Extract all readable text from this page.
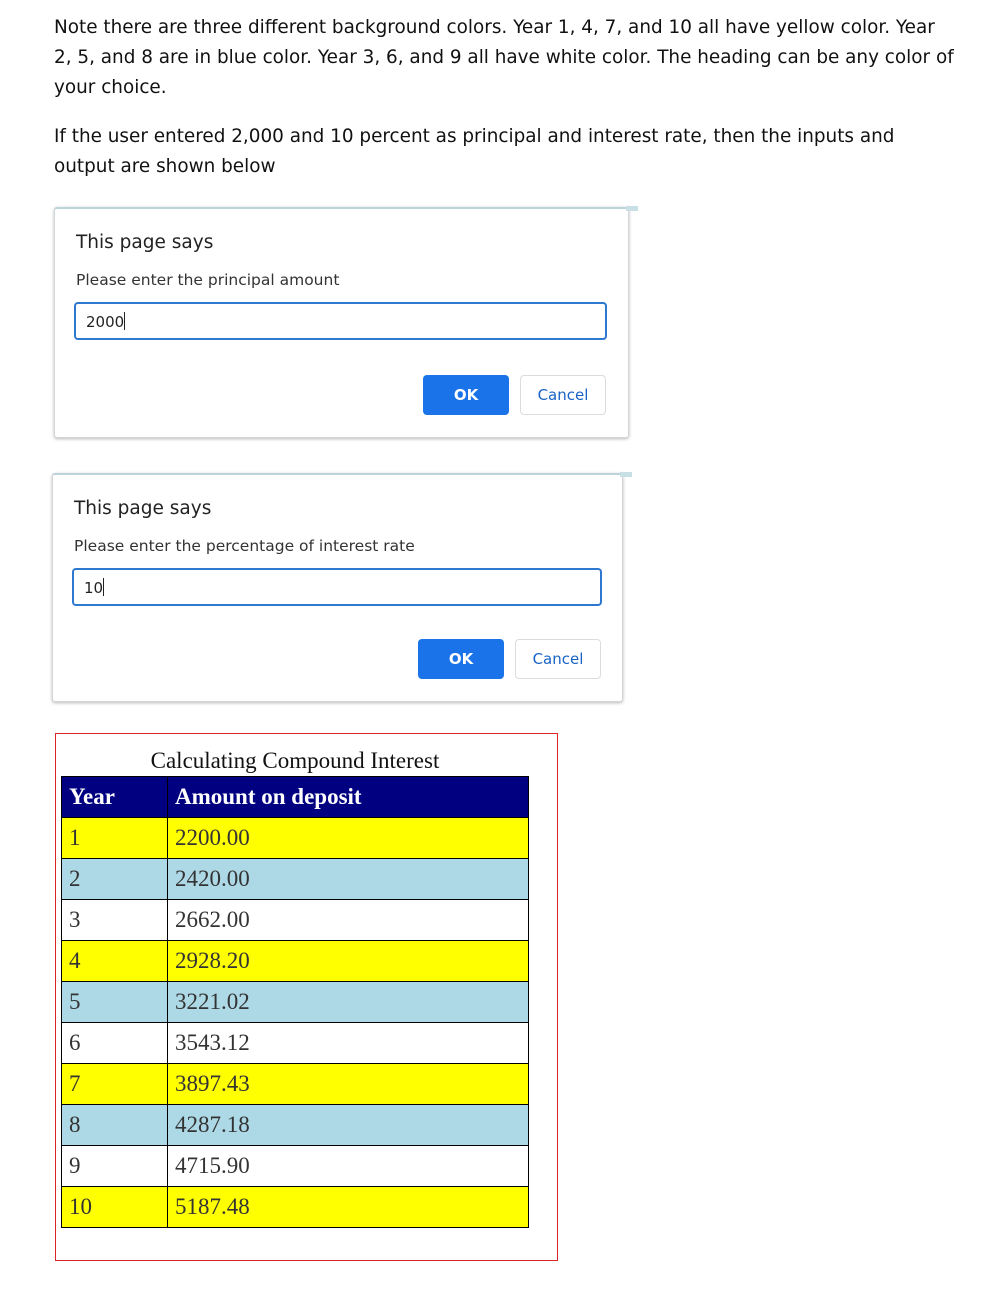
Note there are three different background colors. Year 1, 4, 7, and 10 all have yellow color. Year 2, 5, and 8 are in blue color. Year 3, 6, and 9 all have white color. The heading can be any color of your choice.

If the user entered 2,000 and 10 percent as principal and interest rate, then the inputs and output are shown below

This page says
Please enter the principal amount
2000
OK	Cancel
This page says
Please enter the percentage of interest rate
10
OK	Cancel
Calculating Compound Interest
Year	Amount on deposit
1	2200.00
2	2420.00
3	2662.00
4	2928.20
5	3221.02
6	3543.12
7	3897.43
8	4287.18
9	4715.90
10	5187.48
